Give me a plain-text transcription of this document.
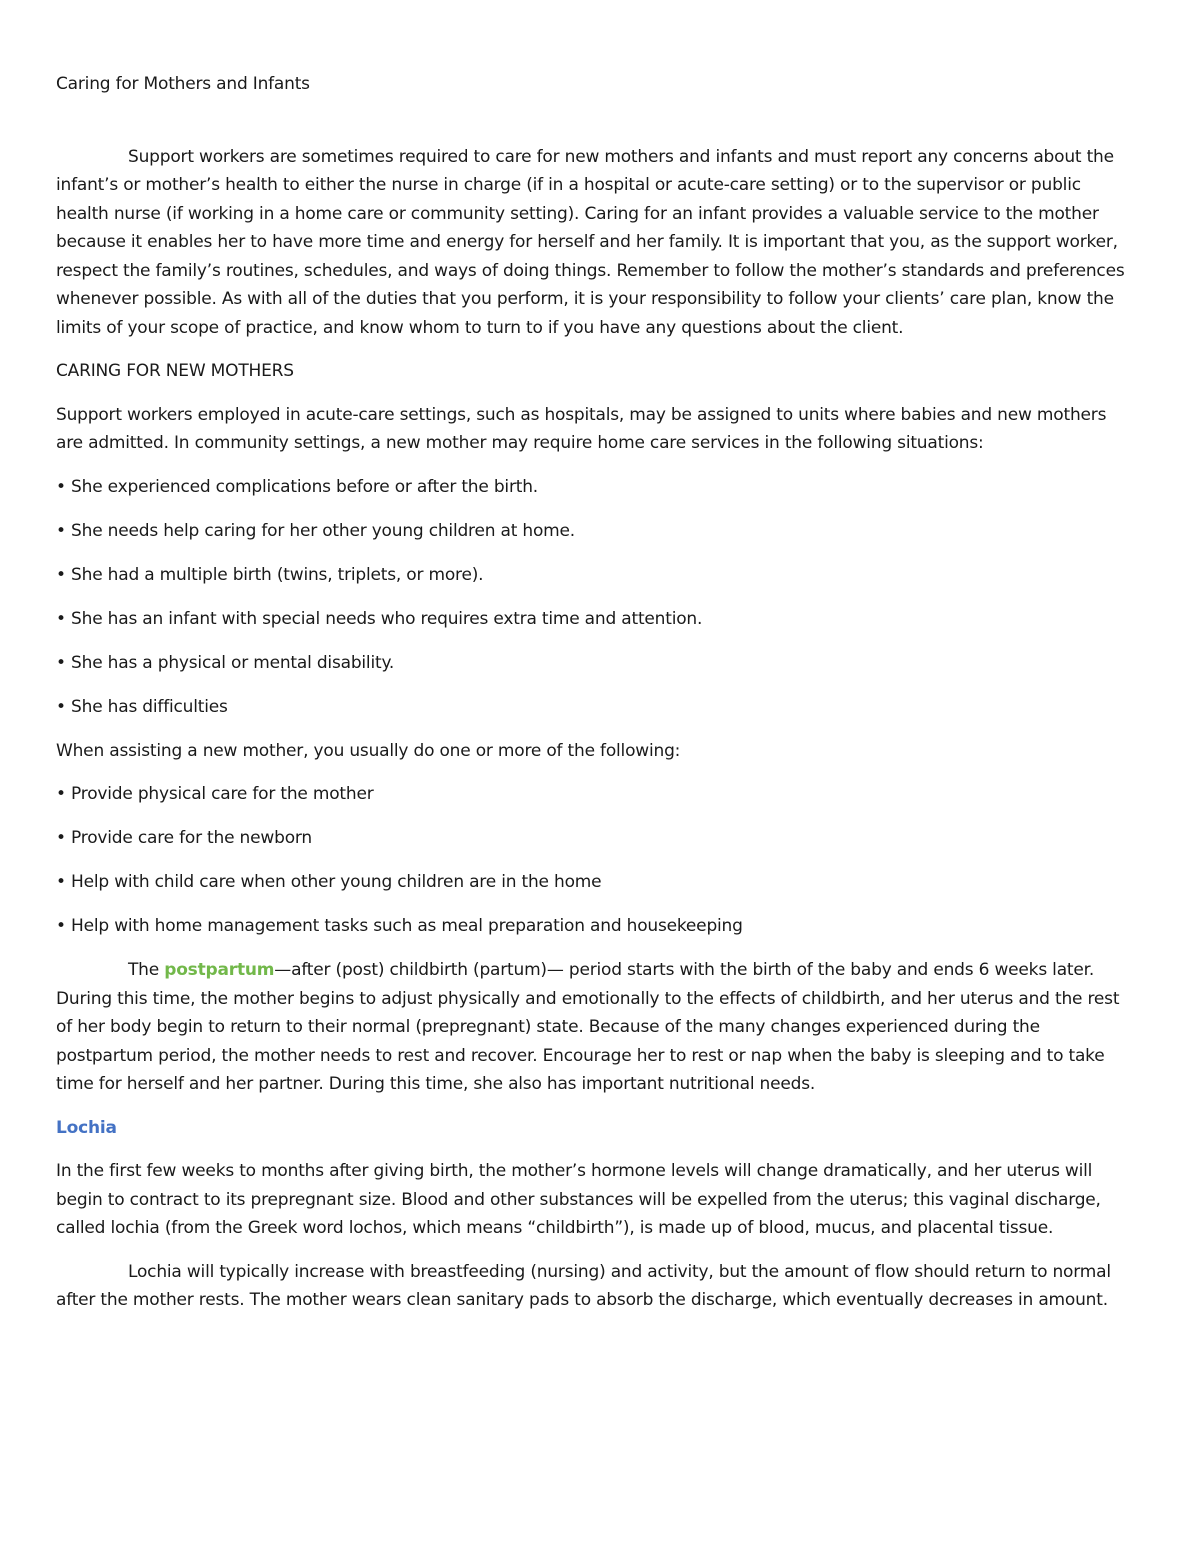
Caring for Mothers and Infants
Support workers are sometimes required to care for new mothers and infants and must report any concerns about the infant’s or mother’s health to either the nurse in charge (if in a hospital or acute-care setting) or to the supervisor or public health nurse (if working in a home care or community setting). Caring for an infant provides a valuable service to the mother because it enables her to have more time and energy for herself and her family. It is important that you, as the support worker, respect the family’s routines, schedules, and ways of doing things. Remember to follow the mother’s standards and preferences whenever possible. As with all of the duties that you perform, it is your responsibility to follow your clients’ care plan, know the limits of your scope of practice, and know whom to turn to if you have any questions about the client.
CARING FOR NEW MOTHERS
Support workers employed in acute-care settings, such as hospitals, may be assigned to units where babies and new mothers are admitted. In community settings, a new mother may require home care services in the following situations:
• She experienced complications before or after the birth.
• She needs help caring for her other young children at home.
• She had a multiple birth (twins, triplets, or more).
• She has an infant with special needs who requires extra time and attention.
• She has a physical or mental disability.
• She has difficulties
When assisting a new mother, you usually do one or more of the following:
• Provide physical care for the mother
• Provide care for the newborn
• Help with child care when other young children are in the home
• Help with home management tasks such as meal preparation and housekeeping
The postpartum—after (post) childbirth (partum)— period starts with the birth of the baby and ends 6 weeks later. During this time, the mother begins to adjust physically and emotionally to the effects of childbirth, and her uterus and the rest of her body begin to return to their normal (prepregnant) state. Because of the many changes experienced during the postpartum period, the mother needs to rest and recover. Encourage her to rest or nap when the baby is sleeping and to take time for herself and her partner. During this time, she also has important nutritional needs.
Lochia
In the first few weeks to months after giving birth, the mother’s hormone levels will change dramatically, and her uterus will begin to contract to its prepregnant size. Blood and other substances will be expelled from the uterus; this vaginal discharge, called lochia (from the Greek word lochos, which means “childbirth”), is made up of blood, mucus, and placental tissue.
Lochia will typically increase with breastfeeding (nursing) and activity, but the amount of flow should return to normal after the mother rests. The mother wears clean sanitary pads to absorb the discharge, which eventually decreases in amount.
